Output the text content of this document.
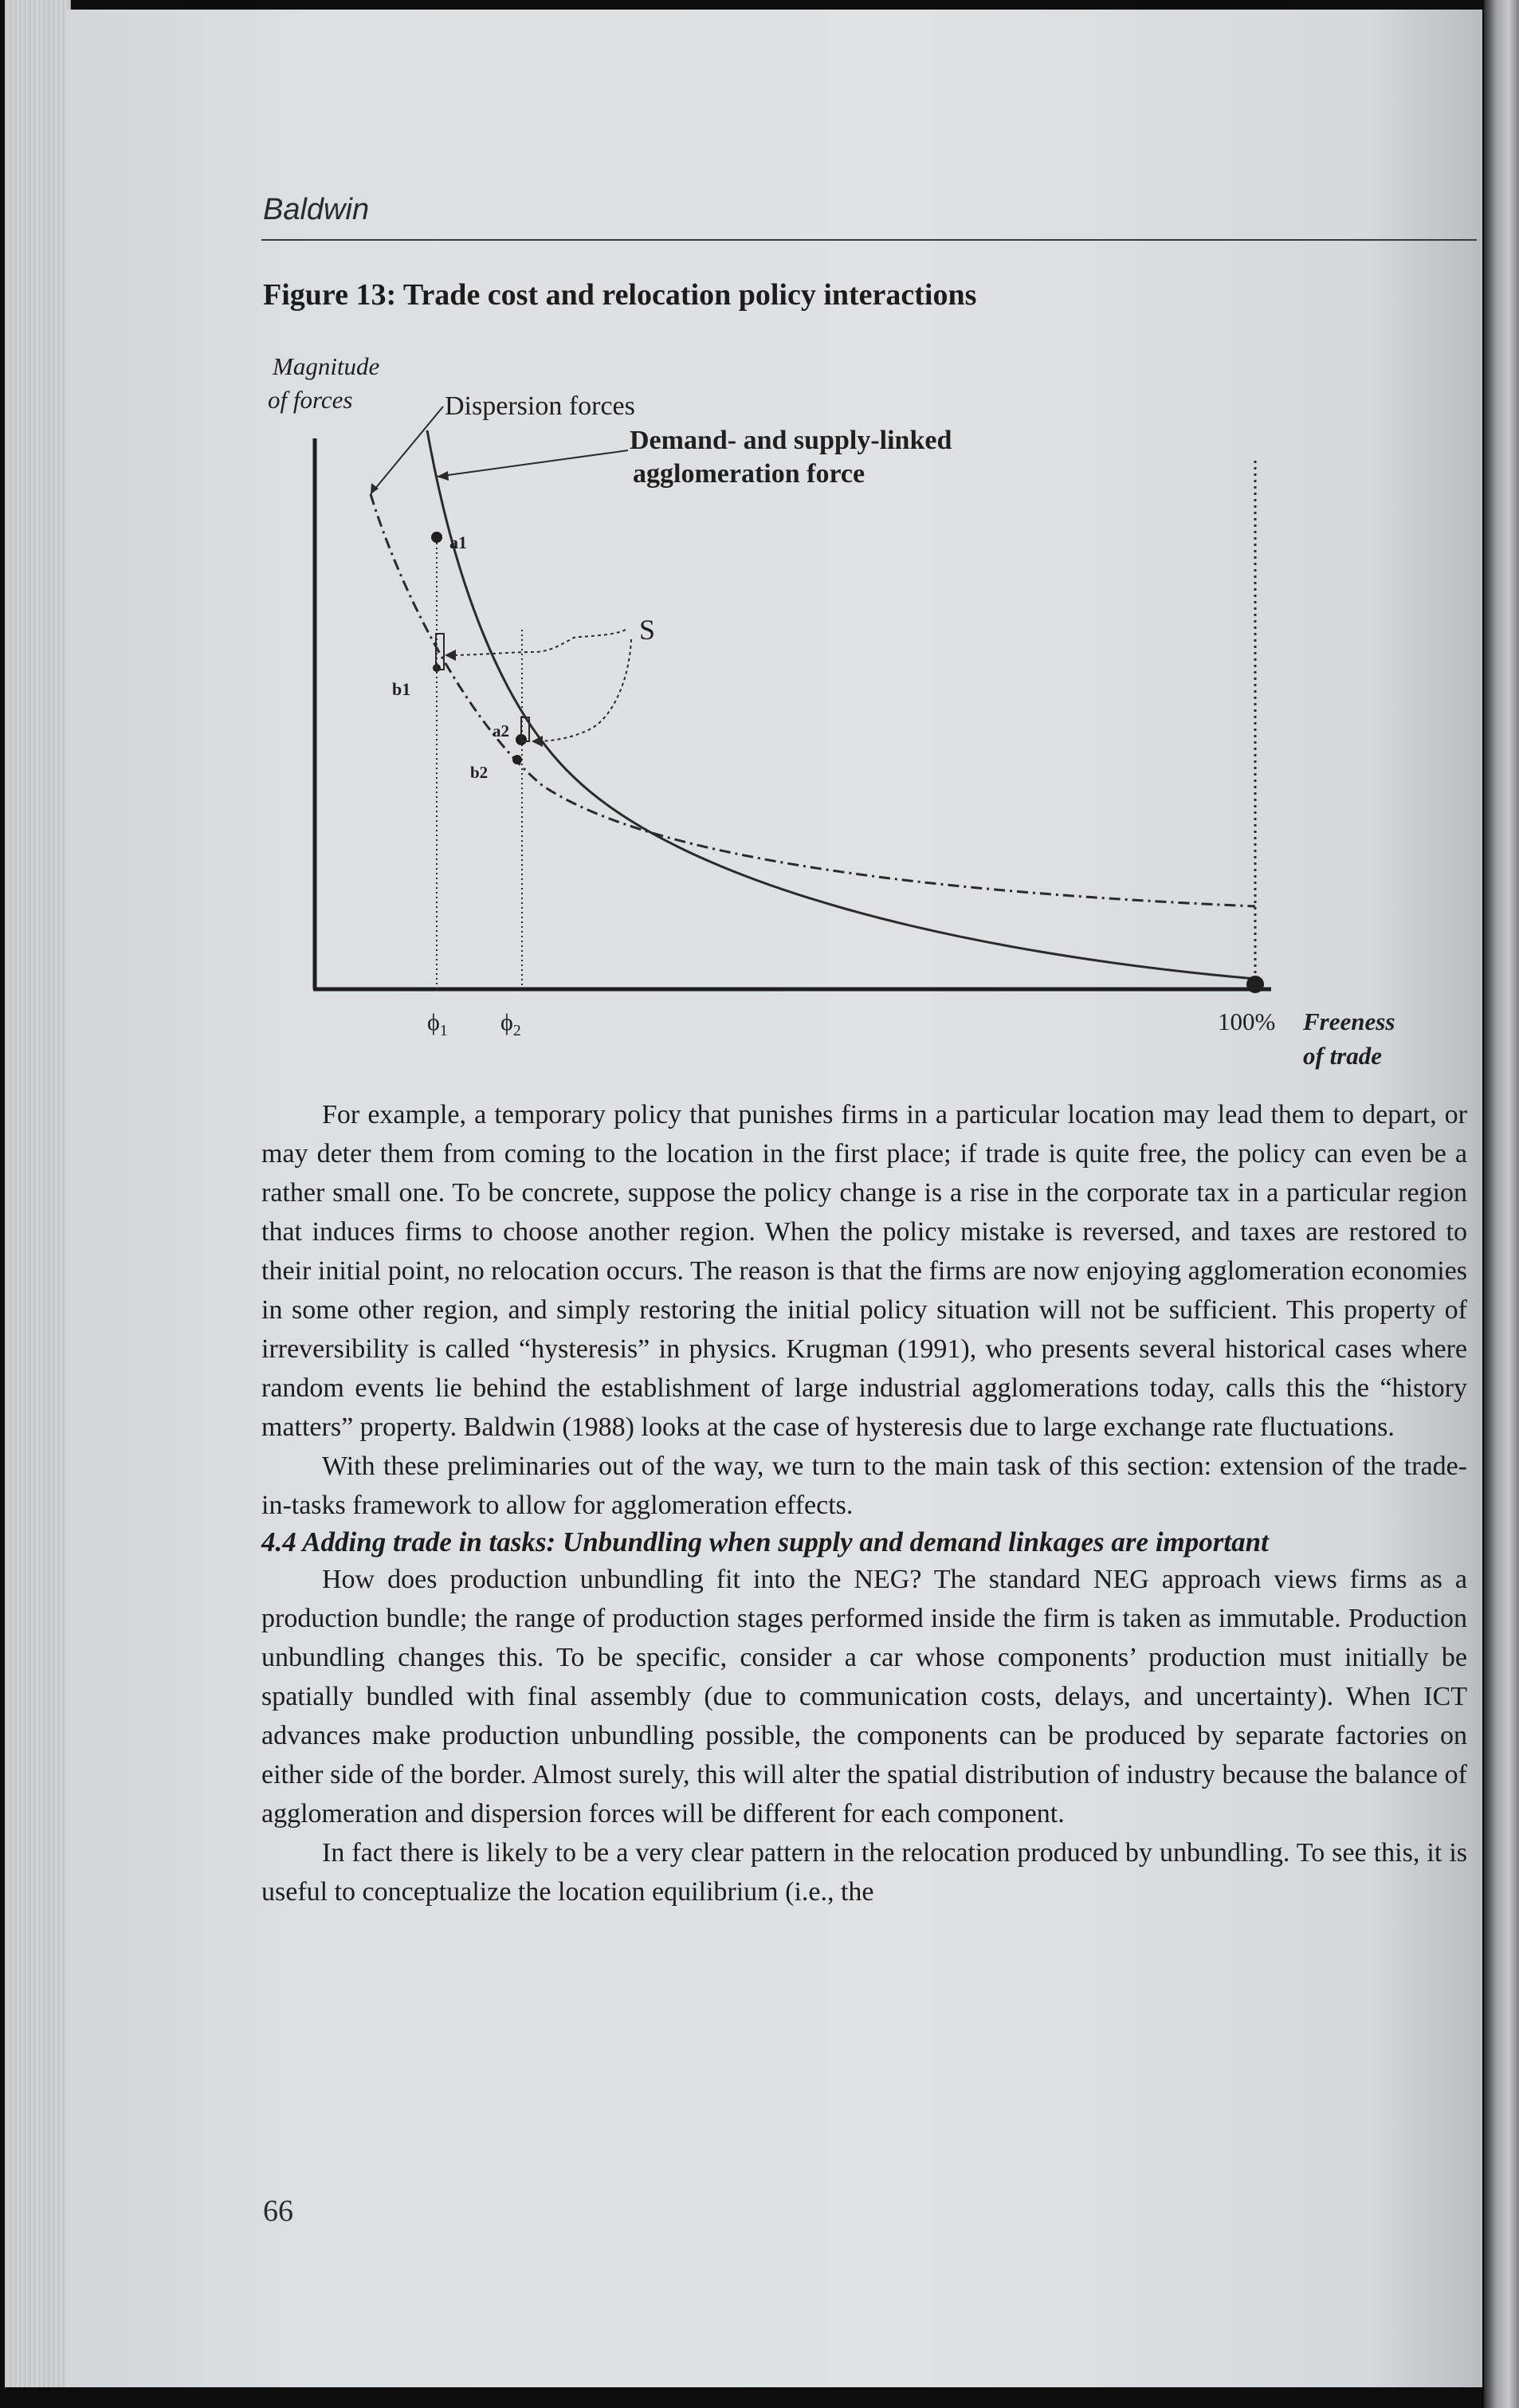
Baldwin

Figure 13: Trade cost and relocation policy interactions

Magnitude
of forces	Dispersion forces
Demand- and supply-linked
agglomeration force
a1
b1
a2
b2
S
$\phi_1$ $\phi_2$	100% Freeness
of trade

For example, a temporary policy that punishes firms in a particular location may lead them to depart, or may deter them from coming to the location in the first place; if trade is quite free, the policy can even be a rather small one. To be concrete, suppose the policy change is a rise in the corporate tax in a particular region that induces firms to choose another region. When the policy mistake is reversed, and taxes are restored to their initial point, no relocation occurs. The reason is that the firms are now enjoying agglomeration economies in some other region, and simply restoring the initial policy situation will not be sufficient. This property of irreversibility is called “hysteresis” in physics. Krugman (1991), who presents several historical cases where random events lie behind the establishment of large industrial agglomerations today, calls this the “history matters” property. Baldwin (1988) looks at the case of hysteresis due to large exchange rate fluctuations.

With these preliminaries out of the way, we turn to the main task of this section: extension of the trade-in-tasks framework to allow for agglomeration effects.

4.4 Adding trade in tasks: Unbundling when supply and demand linkages are important

How does production unbundling fit into the NEG? The standard NEG approach views firms as a production bundle; the range of production stages performed inside the firm is taken as immutable. Production unbundling changes this. To be specific, consider a car whose components’ production must initially be spatially bundled with final assembly (due to communication costs, delays, and uncertainty). When ICT advances make production unbundling possible, the components can be produced by separate factories on either side of the border. Almost surely, this will alter the spatial distribution of industry because the balance of agglomeration and dispersion forces will be different for each component.

In fact there is likely to be a very clear pattern in the relocation produced by unbundling. To see this, it is useful to conceptualize the location equilibrium (i.e., the

66
